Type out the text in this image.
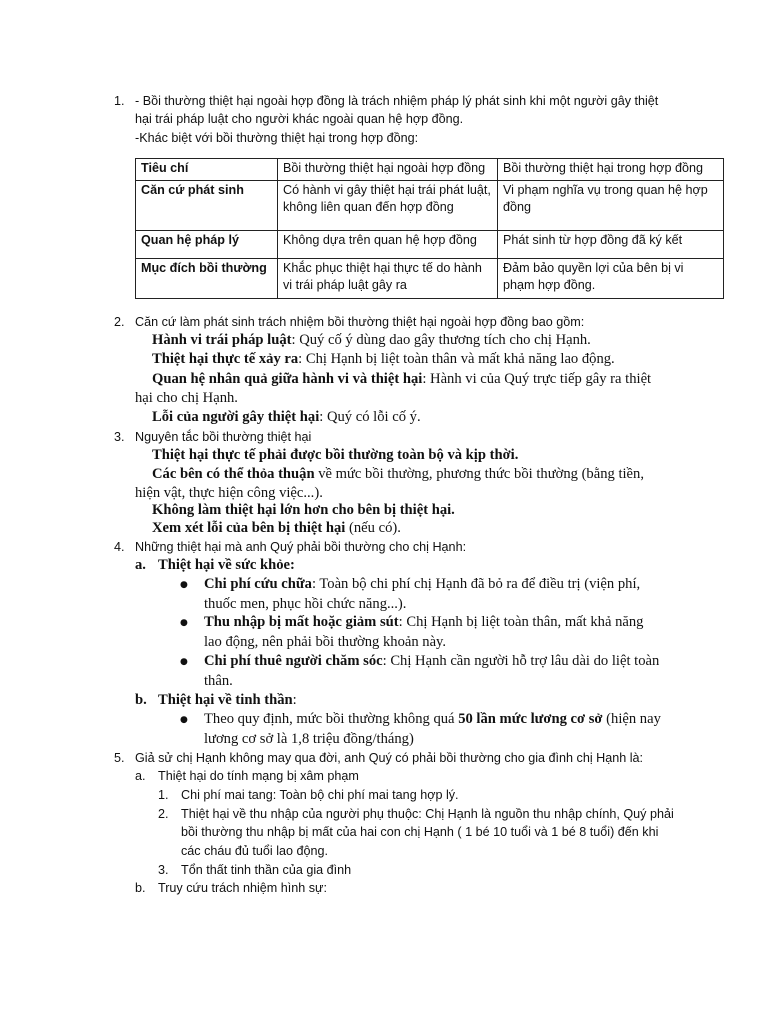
1. - Bồi thường thiệt hại ngoài hợp đồng là trách nhiệm pháp lý phát sinh khi một người gây thiệt
hại trái pháp luật cho người khác ngoài quan hệ hợp đồng.
-Khác biệt với bồi thường thiệt hại trong hợp đồng:
Tiêu chí	Bồi thường thiệt hại ngoài hợp đồng	Bồi thường thiệt hại trong hợp đồng
Căn cứ phát sinh	Có hành vi gây thiệt hại trái phát luật, không liên quan đến hợp đồng	Vi phạm nghĩa vụ trong quan hệ hợp đồng
Quan hệ pháp lý	Không dựa trên quan hệ hợp đồng	Phát sinh từ hợp đồng đã ký kết
Mục đích bồi thường	Khắc phục thiệt hại thực tế do hành vi trái pháp luật gây ra	Đảm bảo quyền lợi của bên bị vi phạm hợp đồng.
2. Căn cứ làm phát sinh trách nhiệm bồi thường thiệt hại ngoài hợp đồng bao gồm:
Hành vi trái pháp luật: Quý cố ý dùng dao gây thương tích cho chị Hạnh.
Thiệt hại thực tế xảy ra: Chị Hạnh bị liệt toàn thân và mất khả năng lao động.
Quan hệ nhân quả giữa hành vi và thiệt hại: Hành vi của Quý trực tiếp gây ra thiệt
hại cho chị Hạnh.
Lỗi của người gây thiệt hại: Quý có lỗi cố ý.
3. Nguyên tắc bồi thường thiệt hại
Thiệt hại thực tế phải được bồi thường toàn bộ và kịp thời.
Các bên có thể thỏa thuận về mức bồi thường, phương thức bồi thường (bằng tiền,
hiện vật, thực hiện công việc...).
Không làm thiệt hại lớn hơn cho bên bị thiệt hại.
Xem xét lỗi của bên bị thiệt hại (nếu có).
4. Những thiệt hại mà anh Quý phải bồi thường cho chị Hạnh:
a. Thiệt hại về sức khỏe:
● Chi phí cứu chữa: Toàn bộ chi phí chị Hạnh đã bỏ ra để điều trị (viện phí,
thuốc men, phục hồi chức năng...).
● Thu nhập bị mất hoặc giảm sút: Chị Hạnh bị liệt toàn thân, mất khả năng
lao động, nên phải bồi thường khoản này.
● Chi phí thuê người chăm sóc: Chị Hạnh cần người hỗ trợ lâu dài do liệt toàn
thân.
b. Thiệt hại về tinh thần:
● Theo quy định, mức bồi thường không quá 50 lần mức lương cơ sở (hiện nay
lương cơ sở là 1,8 triệu đồng/tháng)
5. Giả sử chị Hạnh không may qua đời, anh Quý có phải bồi thường cho gia đình chị Hạnh là:
a. Thiệt hại do tính mạng bị xâm phạm
1. Chi phí mai tang: Toàn bộ chi phí mai tang hợp lý.
2. Thiệt hại về thu nhập của người phụ thuộc: Chị Hạnh là nguồn thu nhập chính, Quý phải
bồi thường thu nhập bị mất của hai con chị Hạnh ( 1 bé 10 tuổi và 1 bé 8 tuổi) đến khi
các cháu đủ tuổi lao động.
3. Tổn thất tinh thần của gia đình
b. Truy cứu trách nhiệm hình sự:
